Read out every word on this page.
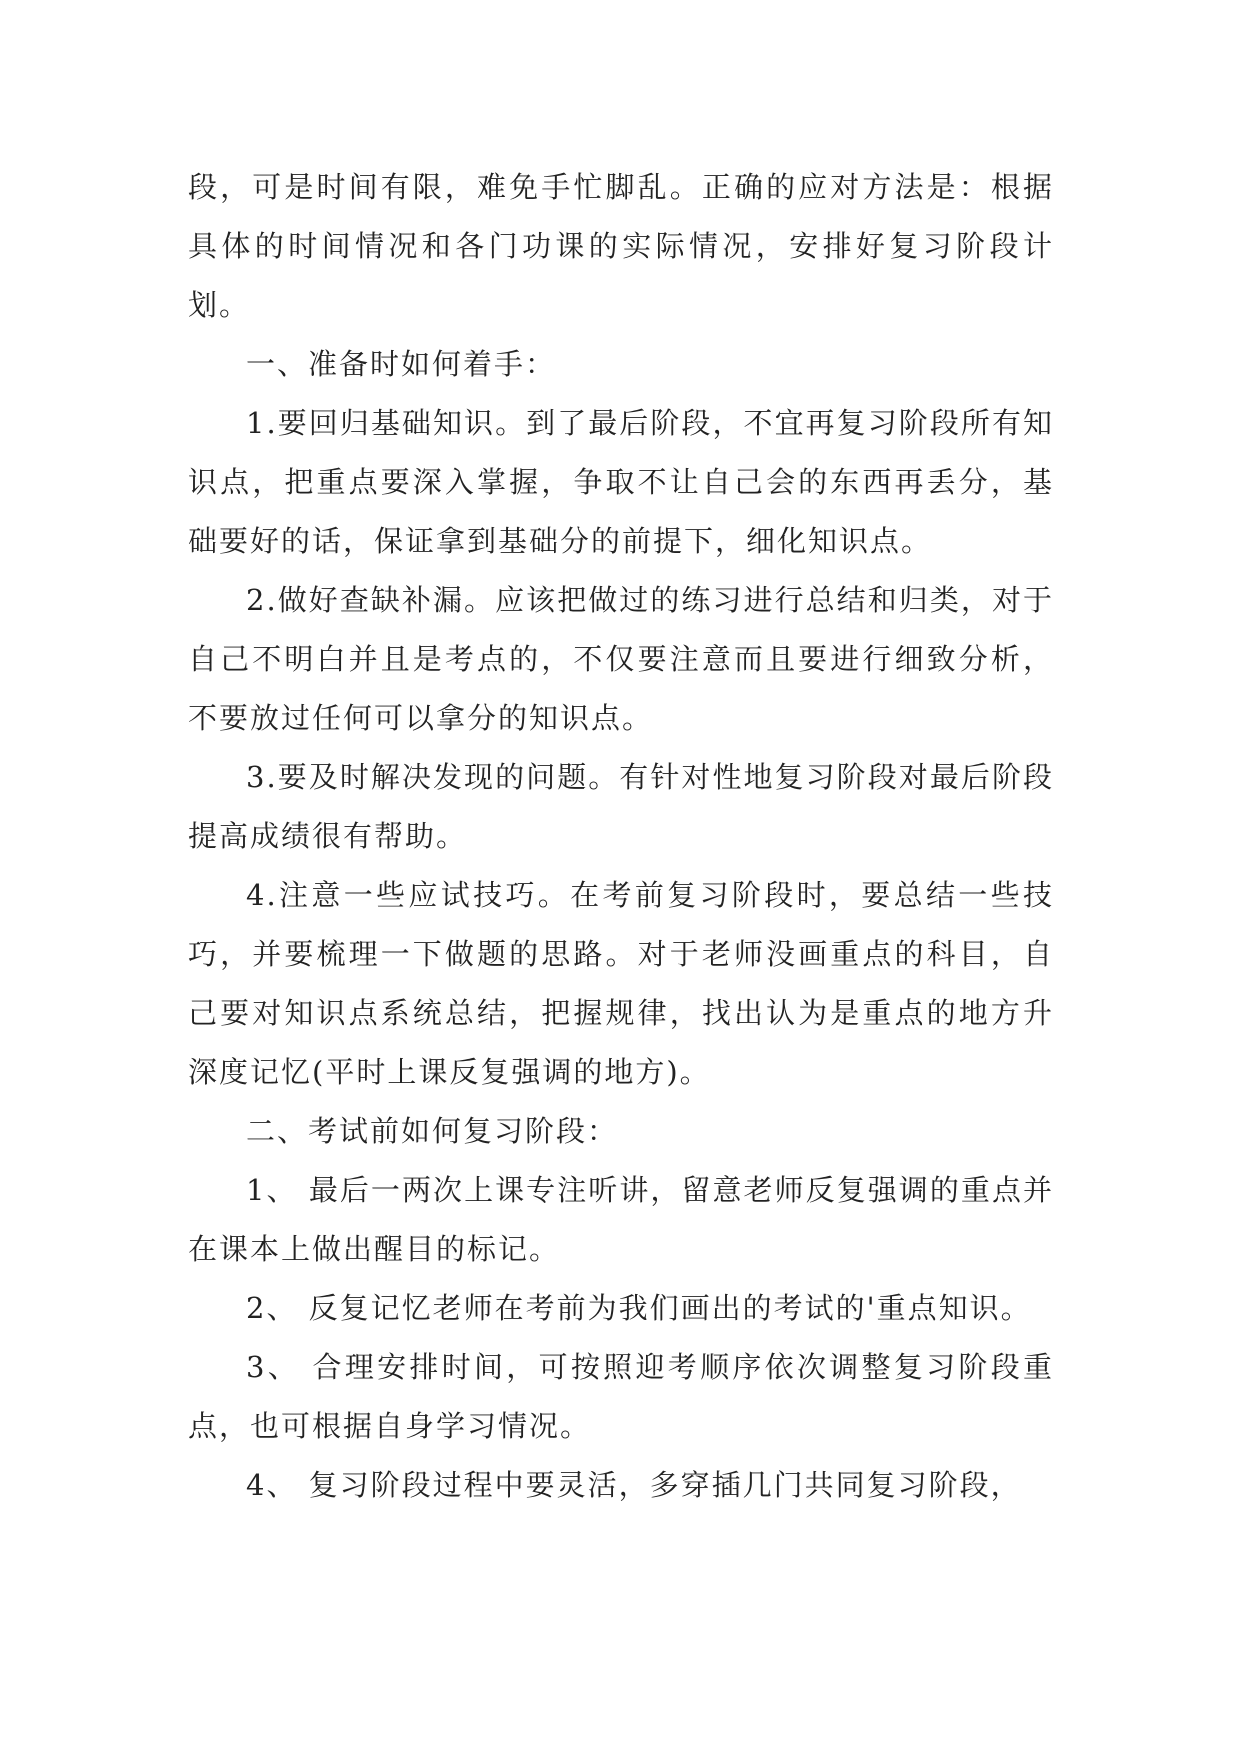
段，可是时间有限，难免手忙脚乱。正确的应对方法是：根据具体的时间情况和各门功课的实际情况，安排好复习阶段计划。

一、准备时如何着手：

1.要回归基础知识。到了最后阶段，不宜再复习阶段所有知识点，把重点要深入掌握，争取不让自己会的东西再丢分，基础要好的话，保证拿到基础分的前提下，细化知识点。

2.做好查缺补漏。应该把做过的练习进行总结和归类，对于自己不明白并且是考点的，不仅要注意而且要进行细致分析，不要放过任何可以拿分的知识点。

3.要及时解决发现的问题。有针对性地复习阶段对最后阶段提高成绩很有帮助。

4.注意一些应试技巧。在考前复习阶段时，要总结一些技巧，并要梳理一下做题的思路。对于老师没画重点的科目，自己要对知识点系统总结，把握规律，找出认为是重点的地方升深度记忆(平时上课反复强调的地方)。

二、考试前如何复习阶段：

1、 最后一两次上课专注听讲，留意老师反复强调的重点并在课本上做出醒目的标记。

2、 反复记忆老师在考前为我们画出的考试的'重点知识。

3、 合理安排时间，可按照迎考顺序依次调整复习阶段重点，也可根据自身学习情况。

4、 复习阶段过程中要灵活，多穿插几门共同复习阶段，
